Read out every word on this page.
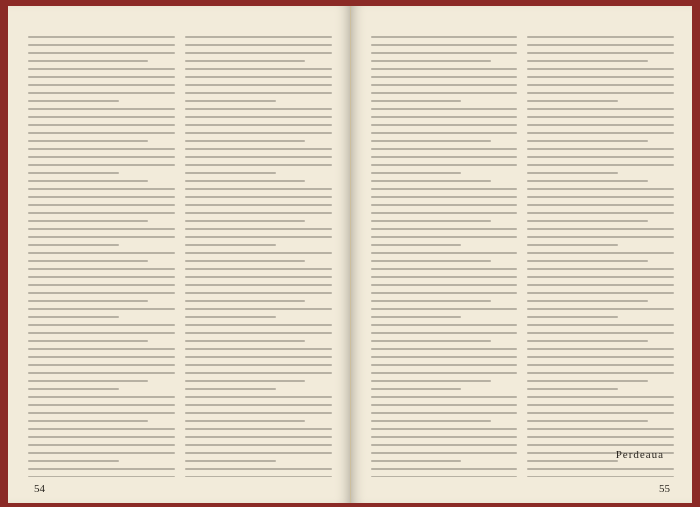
54
Perdeaua
55
